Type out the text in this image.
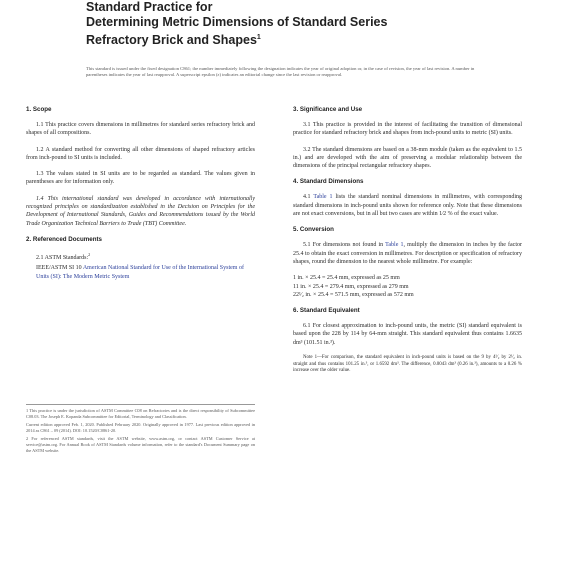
Standard Practice for
Determining Metric Dimensions of Standard Series
Refractory Brick and Shapes$^1$
This standard is issued under the fixed designation C861; the number immediately following the designation indicates the year of original adoption or, in the case of revision, the year of last revision. A number in parentheses indicates the year of last reapproval. A superscript epsilon (ε) indicates an editorial change since the last revision or reapproval.
1. Scope

1.1 This practice covers dimensions in millimetres for standard series refractory brick and shapes of all compositions.

1.2 A standard method for converting all other dimensions of shaped refractory articles from inch-pound to SI units is included.

1.3 The values stated in SI units are to be regarded as standard. The values given in parentheses are for information only.

1.4 This international standard was developed in accordance with internationally recognized principles on standardization established in the Decision on Principles for the Development of International Standards, Guides and Recommendations issued by the World Trade Organization Technical Barriers to Trade (TBT) Committee.

2. Referenced Documents
2.1 ASTM Standards:$^2$
IEEE/ASTM SI 10 American National Standard for Use of the International System of Units (SI): The Modern Metric System
1 This practice is under the jurisdiction of ASTM Committee C08 on Refractories and is the direct responsibility of Subcommittee C08.03. The Joseph E. Kopanda Subcommittee for Editorial, Terminology and Classification.
Current edition approved Feb. 1, 2020. Published February 2020. Originally approved in 1977. Last previous edition approved in 2014 as C861 – 09 (2014). DOI: 10.1520/C0861-20.
2 For referenced ASTM standards, visit the ASTM website, www.astm.org, or contact ASTM Customer Service at service@astm.org. For Annual Book of ASTM Standards volume information, refer to the standard's Document Summary page on the ASTM website.
3. Significance and Use

3.1 This practice is provided in the interest of facilitating the transition of dimensional practice for standard refractory brick and shapes from inch-pound units to metric (SI) units.

3.2 The standard dimensions are based on a 38-mm module (taken as the equivalent to 1.5 in.) and are developed with the aim of preserving a modular relationship between the dimensions of the principal rectangular refractory shapes.

4. Standard Dimensions

4.1 Table 1 lists the standard nominal dimensions in millimetres, with corresponding standard dimensions in inch-pound units shown for reference only. Note that these dimensions are not exact conversions, but in all but two cases are within 1⁄2 % of the exact value.

5. Conversion

5.1 For dimensions not found in Table 1, multiply the dimension in inches by the factor 25.4 to obtain the exact conversion in millimetres. For description or specification of refractory shapes, round the dimension to the nearest whole millimetre. For example:

1 in. × 25.4 = 25.4 mm, expressed as 25 mm
11 in. × 25.4 = 279.4 mm, expressed as 279 mm
22¹⁄₂ in. × 25.4 = 571.5 mm, expressed as 572 mm
6. Standard Equivalent

6.1 For closest approximation to inch-pound units, the metric (SI) standard equivalent is based upon the 228 by 114 by 64-mm straight. This standard equivalent thus contains 1.6635 dm³ (101.51 in.³).

Note 1—For comparison, the standard equivalent in inch-pound units is based on the 9 by 4¹⁄₂ by 2¹⁄₂ in. straight and thus contains 101.25 in.³, or 1.6592 dm³. The difference, 0.0043 dm³ (0.26 in.³), amounts to a 0.26 % increase over the older value.
